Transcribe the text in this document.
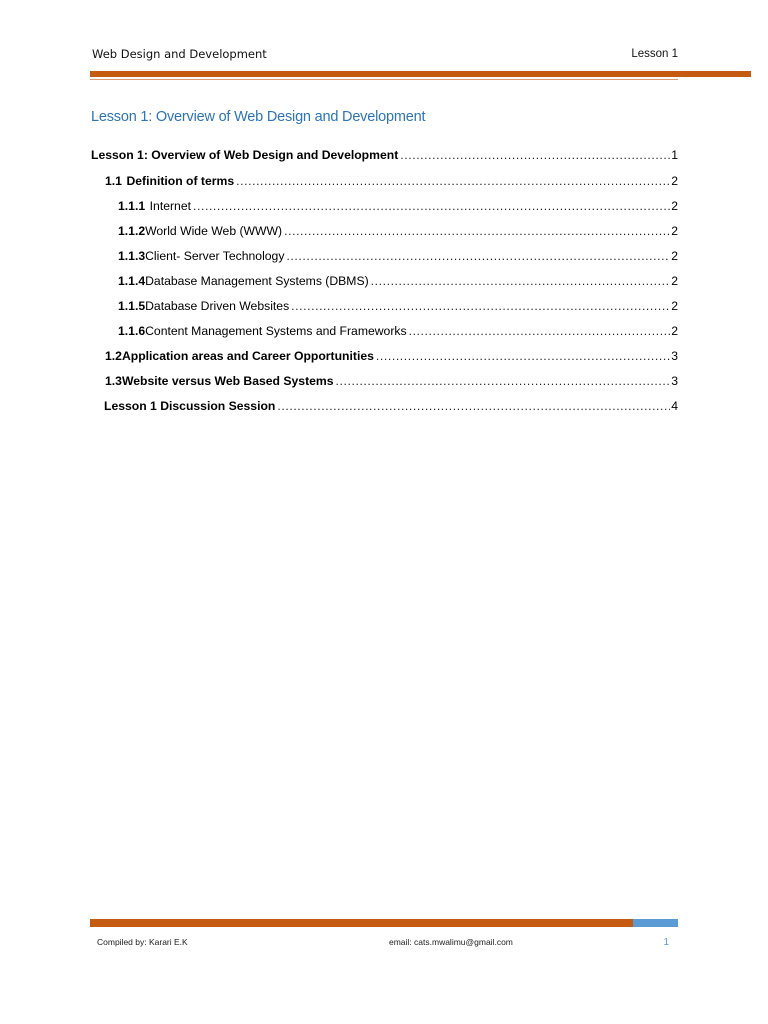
Web Design and Development	Lesson 1
Lesson 1: Overview of Web Design and Development
Lesson 1: Overview of Web Design and Development .....	1
1.1 Definition of terms .....	2
1.1.1 Internet .....	2
1.1.2 World Wide Web (WWW) .....	2
1.1.3 Client- Server Technology .....	2
1.1.4 Database Management Systems (DBMS) .....	2
1.1.5 Database Driven Websites .....	2
1.1.6 Content Management Systems and Frameworks .....	2
1.2 Application areas and Career Opportunities .....	3
1.3 Website versus Web Based Systems .....	3
Lesson 1 Discussion Session .....	4
Compiled by: Karari E.K	email: cats.mwalimu@gmail.com	1
